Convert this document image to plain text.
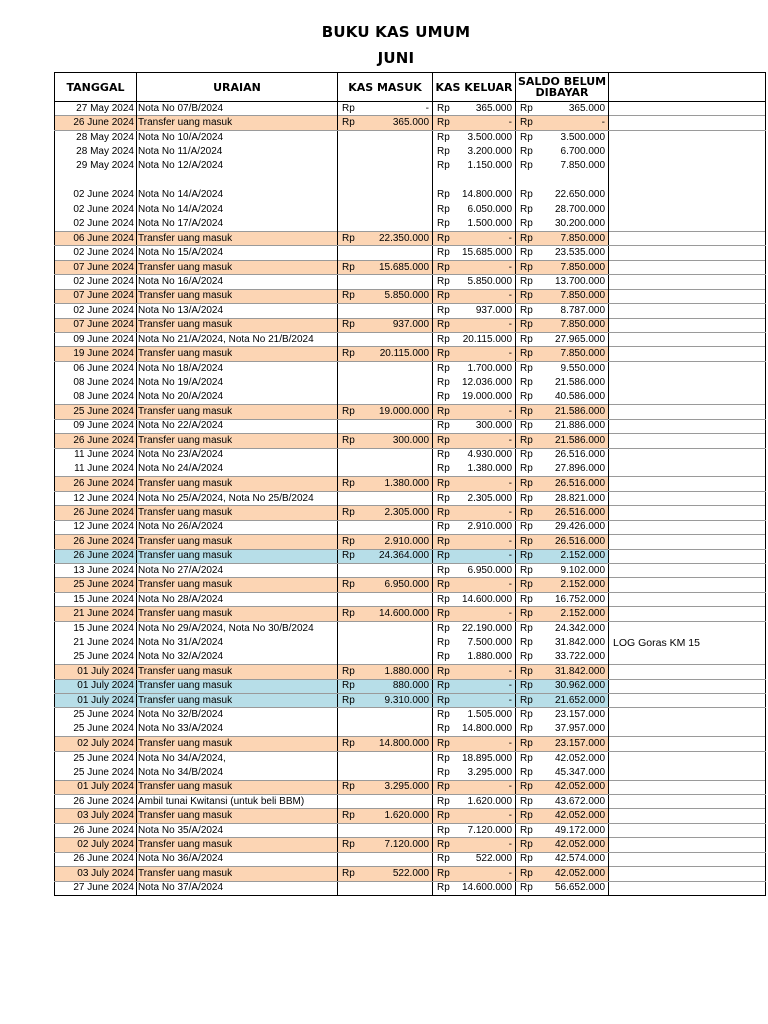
BUKU KAS UMUM
JUNI
TANGGAL	URAIAN	KAS MASUK		KAS KELUAR		SALDO BELUM
DIBAYAR		
27 May 2024	Nota No 07/B/2024	Rp	-	Rp	365.000	Rp	365.000	
26 June 2024	Transfer uang masuk	Rp	365.000	Rp	-	Rp	-	
28 May 2024	Nota No 10/A/2024			Rp	3.500.000	Rp	3.500.000	
28 May 2024	Nota No 11/A/2024			Rp	3.200.000	Rp	6.700.000	
29 May 2024	Nota No 12/A/2024			Rp	1.150.000	Rp	7.850.000	

02 June 2024	Nota No 14/A/2024			Rp	14.800.000	Rp	22.650.000	
02 June 2024	Nota No 14/A/2024			Rp	6.050.000	Rp	28.700.000	
02 June 2024	Nota No 17/A/2024			Rp	1.500.000	Rp	30.200.000	
06 June 2024	Transfer uang masuk	Rp	22.350.000	Rp	-	Rp	7.850.000	
02 June 2024	Nota No 15/A/2024			Rp	15.685.000	Rp	23.535.000	
07 June 2024	Transfer uang masuk	Rp	15.685.000	Rp	-	Rp	7.850.000	
02 June 2024	Nota No 16/A/2024			Rp	5.850.000	Rp	13.700.000	
07 June 2024	Transfer uang masuk	Rp	5.850.000	Rp	-	Rp	7.850.000	
02 June 2024	Nota No 13/A/2024			Rp	937.000	Rp	8.787.000	
07 June 2024	Transfer uang masuk	Rp	937.000	Rp	-	Rp	7.850.000	
09 June 2024	Nota No 21/A/2024, Nota No 21/B/2024			Rp	20.115.000	Rp	27.965.000	
19 June 2024	Transfer uang masuk	Rp	20.115.000	Rp	-	Rp	7.850.000	
06 June 2024	Nota No 18/A/2024			Rp	1.700.000	Rp	9.550.000	
08 June 2024	Nota No 19/A/2024			Rp	12.036.000	Rp	21.586.000	
08 June 2024	Nota No 20/A/2024			Rp	19.000.000	Rp	40.586.000	
25 June 2024	Transfer uang masuk	Rp	19.000.000	Rp	-	Rp	21.586.000	
09 June 2024	Nota No 22/A/2024			Rp	300.000	Rp	21.886.000	
26 June 2024	Transfer uang masuk	Rp	300.000	Rp	-	Rp	21.586.000	
11 June 2024	Nota No 23/A/2024			Rp	4.930.000	Rp	26.516.000	
11 June 2024	Nota No 24/A/2024			Rp	1.380.000	Rp	27.896.000	
26 June 2024	Transfer uang masuk	Rp	1.380.000	Rp	-	Rp	26.516.000	
12 June 2024	Nota No 25/A/2024, Nota No 25/B/2024			Rp	2.305.000	Rp	28.821.000	
26 June 2024	Transfer uang masuk	Rp	2.305.000	Rp	-	Rp	26.516.000	
12 June 2024	Nota No 26/A/2024			Rp	2.910.000	Rp	29.426.000	
26 June 2024	Transfer uang masuk	Rp	2.910.000	Rp	-	Rp	26.516.000	
26 June 2024	Transfer uang masuk	Rp	24.364.000	Rp	-	Rp	2.152.000	
13 June 2024	Nota No 27/A/2024			Rp	6.950.000	Rp	9.102.000	
25 June 2024	Transfer uang masuk	Rp	6.950.000	Rp	-	Rp	2.152.000	
15 June 2024	Nota No 28/A/2024			Rp	14.600.000	Rp	16.752.000	
21 June 2024	Transfer uang masuk	Rp	14.600.000	Rp	-	Rp	2.152.000	
15 June 2024	Nota No 29/A/2024, Nota No 30/B/2024			Rp	22.190.000	Rp	24.342.000	
21 June 2024	Nota No 31/A/2024			Rp	7.500.000	Rp	31.842.000	LOG Goras KM 15
25 June 2024	Nota No 32/A/2024			Rp	1.880.000	Rp	33.722.000	
01 July 2024	Transfer uang masuk	Rp	1.880.000	Rp	-	Rp	31.842.000	
01 July 2024	Transfer uang masuk	Rp	880.000	Rp	-	Rp	30.962.000	
01 July 2024	Transfer uang masuk	Rp	9.310.000	Rp	-	Rp	21.652.000	
25 June 2024	Nota No 32/B/2024			Rp	1.505.000	Rp	23.157.000	
25 June 2024	Nota No 33/A/2024			Rp	14.800.000	Rp	37.957.000	
02 July 2024	Transfer uang masuk	Rp	14.800.000	Rp	-	Rp	23.157.000	
25 June 2024	Nota No 34/A/2024,			Rp	18.895.000	Rp	42.052.000	
25 June 2024	Nota No 34/B/2024			Rp	3.295.000	Rp	45.347.000	
01 July 2024	Transfer uang masuk	Rp	3.295.000	Rp	-	Rp	42.052.000	
26 June 2024	Ambil tunai Kwitansi (untuk beli BBM)			Rp	1.620.000	Rp	43.672.000	
03 July 2024	Transfer uang masuk	Rp	1.620.000	Rp	-	Rp	42.052.000	
26 June 2024	Nota No 35/A/2024			Rp	7.120.000	Rp	49.172.000	
02 July 2024	Transfer uang masuk	Rp	7.120.000	Rp	-	Rp	42.052.000	
26 June 2024	Nota No 36/A/2024			Rp	522.000	Rp	42.574.000	
03 July 2024	Transfer uang masuk	Rp	522.000	Rp	-	Rp	42.052.000	
27 June 2024	Nota No 37/A/2024			Rp	14.600.000	Rp	56.652.000	
